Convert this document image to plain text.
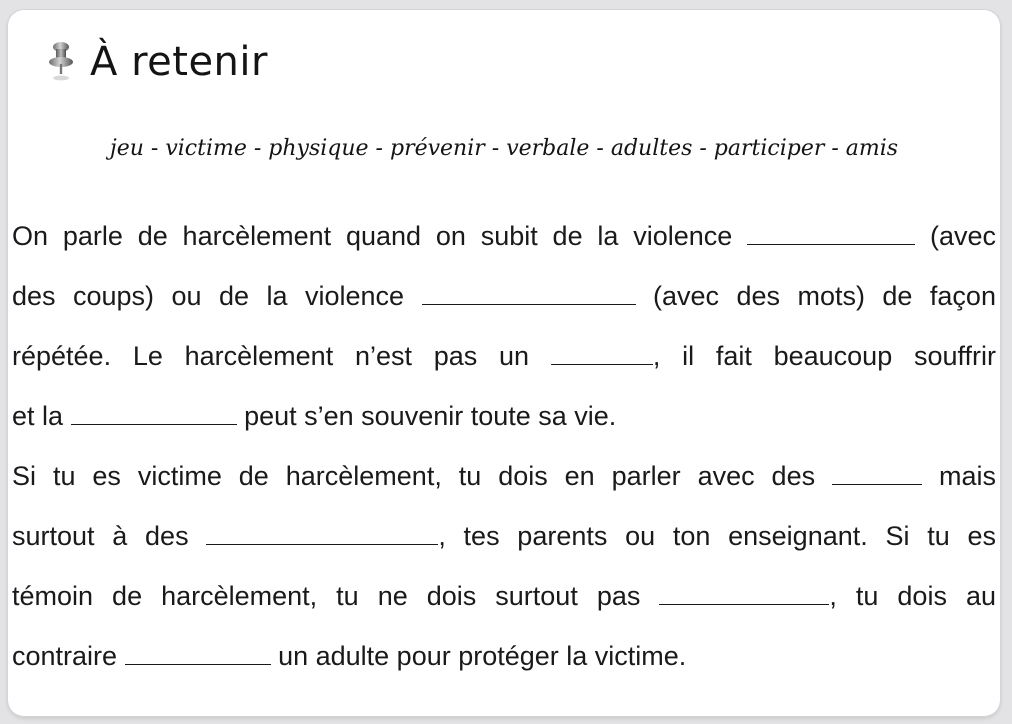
À retenir
jeu - victime - physique - prévenir - verbale - adultes - participer - amis
On parle de harcèlement quand on subit de la violence	(avec
des coups) ou de la violence	(avec des mots) de façon
répétée. Le harcèlement n’est pas un	, il fait beaucoup souffrir
et la	peut s’en souvenir toute sa vie.
Si tu es victime de harcèlement, tu dois en parler avec des	mais
surtout à des	, tes parents ou ton enseignant. Si tu es
témoin de harcèlement, tu ne dois surtout pas	, tu dois au
contraire	un adulte pour protéger la victime.
